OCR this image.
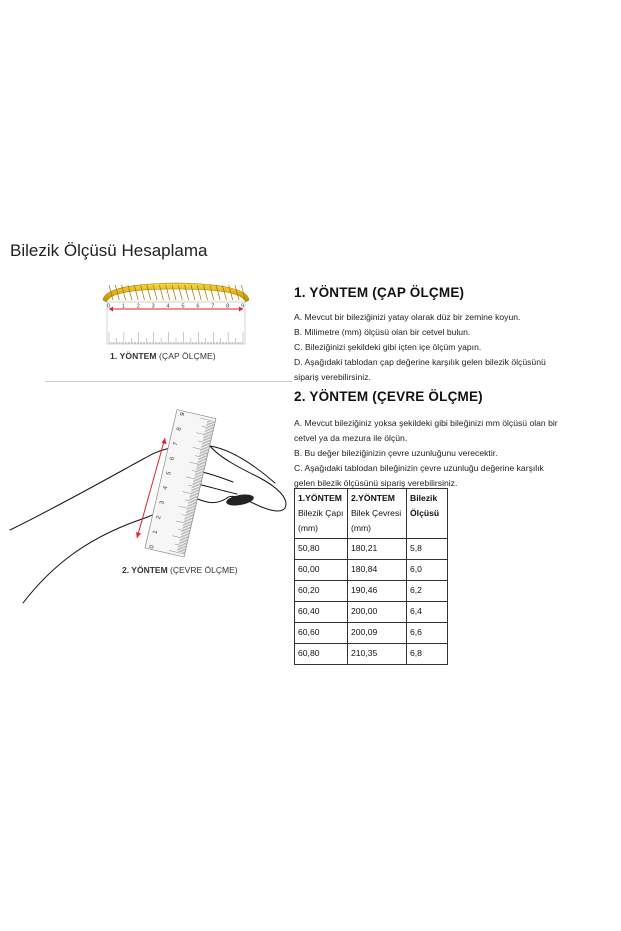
Bilezik Ölçüsü Hesaplama
0 1 2 3 4 5 6 7 8 9
1. YÖNTEM (ÇAP ÖLÇME)
0
1
2
3
4
5
6
7
8
9
2. YÖNTEM (ÇEVRE ÖLÇME)
1. YÖNTEM (ÇAP ÖLÇME)
A. Mevcut bir bileziğinizi yatay olarak düz bir zemine koyun.
B. Milimetre (mm) ölçüsü olan bir cetvel bulun.
C. Bileziğinizi şekildeki gibi içten içe ölçüm yapın.
D. Aşağıdaki tablodan çap değerine karşılık gelen bilezik ölçüsünü
sipariş verebilirsiniz.
2. YÖNTEM (ÇEVRE ÖLÇME)
A. Mevcut bileziğiniz yoksa şekildeki gibi bileğinizi mm ölçüsü olan bir
cetvel ya da mezura ile ölçün.
B. Bu değer bileziğinizin çevre uzunluğunu verecektir.
C. Aşağıdaki tablodan bileğinizin çevre uzunluğu değerine karşılık
gelen bilezik ölçüsünü sipariş verebilirsiniz.
1.YÖNTEM
Bilezik Çapı (mm)	2.YÖNTEM
Bilek Çevresi (mm)	Bilezik Ölçüsü

50,80	180,21	5,8
60,00	180,84	6,0
60,20	190,46	6,2
60,40	200,00	6,4
60,60	200,09	6,6
60,80	210,35	6,8
